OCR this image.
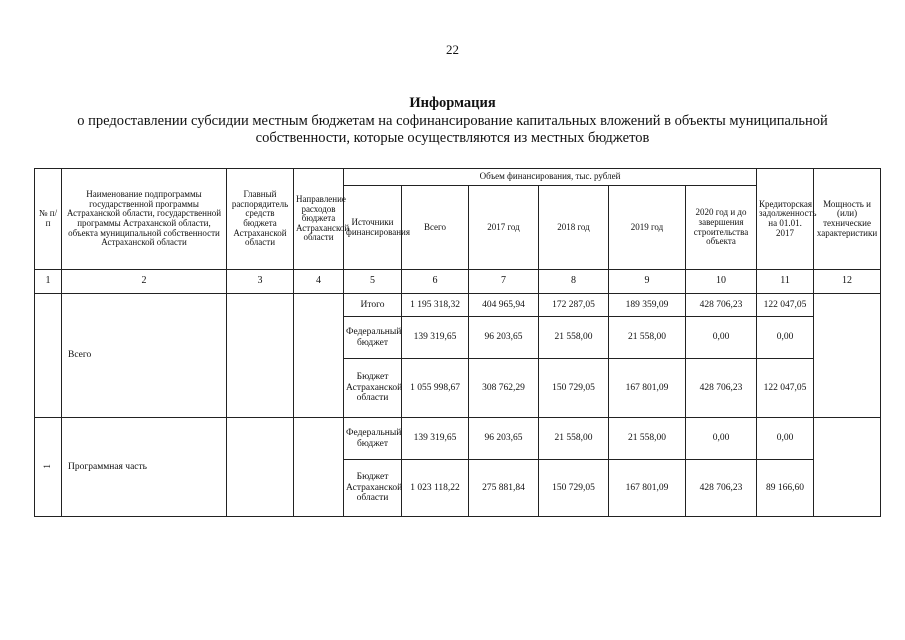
22
Информация
о предоставлении субсидии местным бюджетам на софинансирование капитальных вложений в объекты муниципальной собственности, которые осуществляются из местных бюджетов
№ п/п	Наименование подпрограммы государственной программы Астраханской области, государственной программы Астраханской области, объекта муниципальной собственности Астраханской области	Главный распорядитель средств бюджета Астраханской области	Направление расходов бюджета Астраханской области	Объем финансирования, тыс. рублей						Кредиторская задолженность на 01.01. 2017	Мощность и (или) технические характеристики
				Источники финансирования	Всего	2017 год	2018 год	2019 год	2020 год и до завершения строительства объекта		
1	2	3	4	5	6	7	8	9	10	11	12
	Всего			Итого	1 195 318,32	404 965,94	172 287,05	189 359,09	428 706,23	122 047,05	
				Федеральный бюджет	139 319,65	96 203,65	21 558,00	21 558,00	0,00	0,00	
				Бюджет Астраханской области	1 055 998,67	308 762,29	150 729,05	167 801,09	428 706,23	122 047,05	
1	Программная часть			Федеральный бюджет	139 319,65	96 203,65	21 558,00	21 558,00	0,00	0,00	
				Бюджет Астраханской области	1 023 118,22	275 881,84	150 729,05	167 801,09	428 706,23	89 166,60	
